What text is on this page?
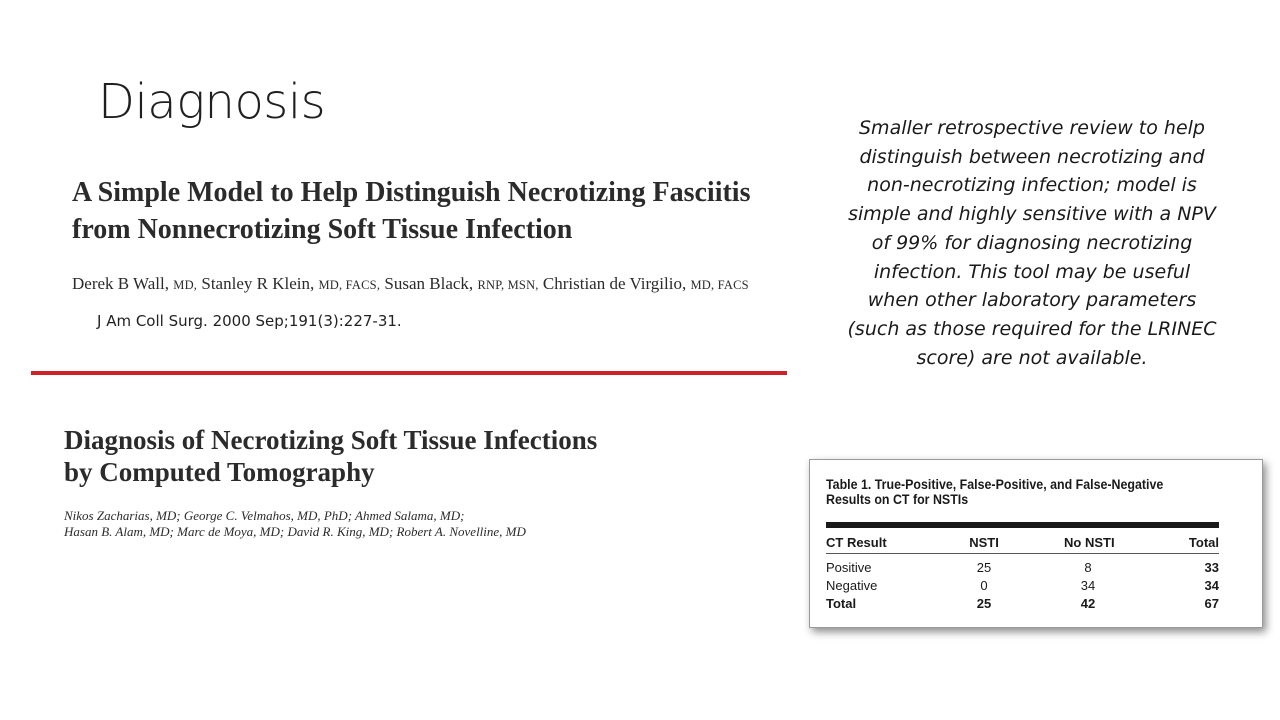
Diagnosis
A Simple Model to Help Distinguish Necrotizing Fasciitis
from Nonnecrotizing Soft Tissue Infection
Derek B Wall, MD, Stanley R Klein, MD, FACS, Susan Black, RNP, MSN, Christian de Virgilio, MD, FACS
J Am Coll Surg. 2000 Sep;191(3):227-31.
Diagnosis of Necrotizing Soft Tissue Infections
by Computed Tomography
Nikos Zacharias, MD; George C. Velmahos, MD, PhD; Ahmed Salama, MD;
Hasan B. Alam, MD; Marc de Moya, MD; David R. King, MD; Robert A. Novelline, MD
Smaller retrospective review to help distinguish between necrotizing and non-necrotizing infection; model is simple and highly sensitive with a NPV of 99% for diagnosing necrotizing infection. This tool may be useful when other laboratory parameters (such as those required for the LRINEC score) are not available.
Table 1. True-Positive, False-Positive, and False-Negative
Results on CT for NSTIs
CT Result	NSTI	No NSTI	Total
Positive	25	8	33
Negative	0	34	34
Total	25	42	67
